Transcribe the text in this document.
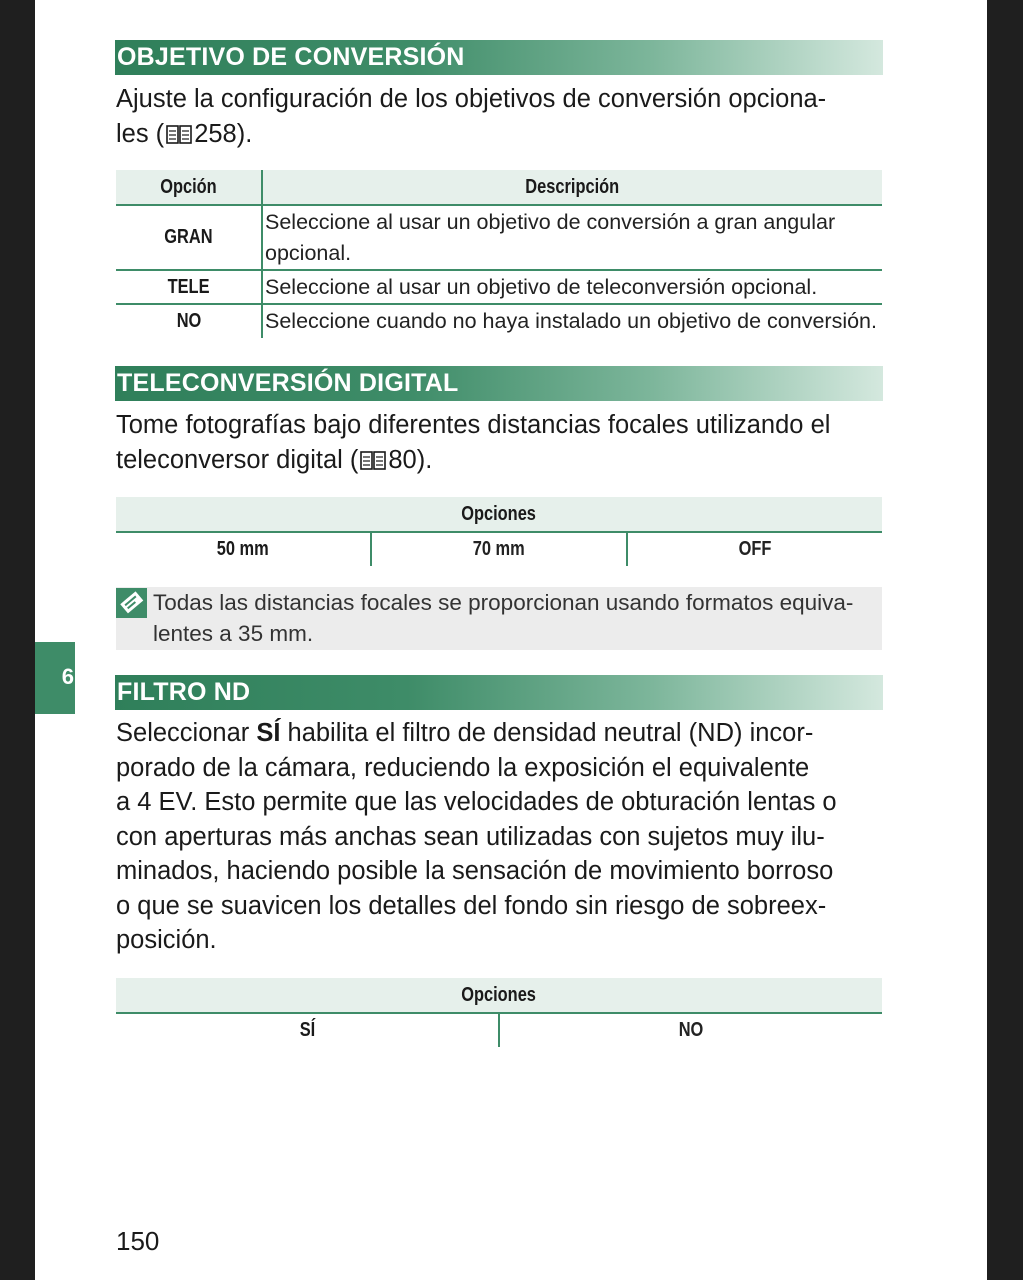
OBJETIVO DE CONVERSIÓN

Ajuste la configuración de los objetivos de conversión opciona-
les ( 258).

Opción	Descripción
GRAN	Seleccione al usar un objetivo de conversión a gran angular
opcional.
TELE	Seleccione al usar un objetivo de teleconversión opcional.
NO	Seleccione cuando no haya instalado un objetivo de conversión.
TELECONVERSIÓN DIGITAL

Tome fotografías bajo diferentes distancias focales utilizando el
teleconversor digital ( 80).

Opciones
50 mm	70 mm	OFF
Todas las distancias focales se proporcionan usando formatos equiva-
lentes a 35 mm.
FILTRO ND

Seleccionar SÍ habilita el filtro de densidad neutral (ND) incor-
porado de la cámara, reduciendo la exposición el equivalente
a 4 EV. Esto permite que las velocidades de obturación lentas o
con aperturas más anchas sean utilizadas con sujetos muy ilu-
minados, haciendo posible la sensación de movimiento borroso
o que se suavicen los detalles del fondo sin riesgo de sobreex-
posición.

Opciones
SÍ	NO
150
6
